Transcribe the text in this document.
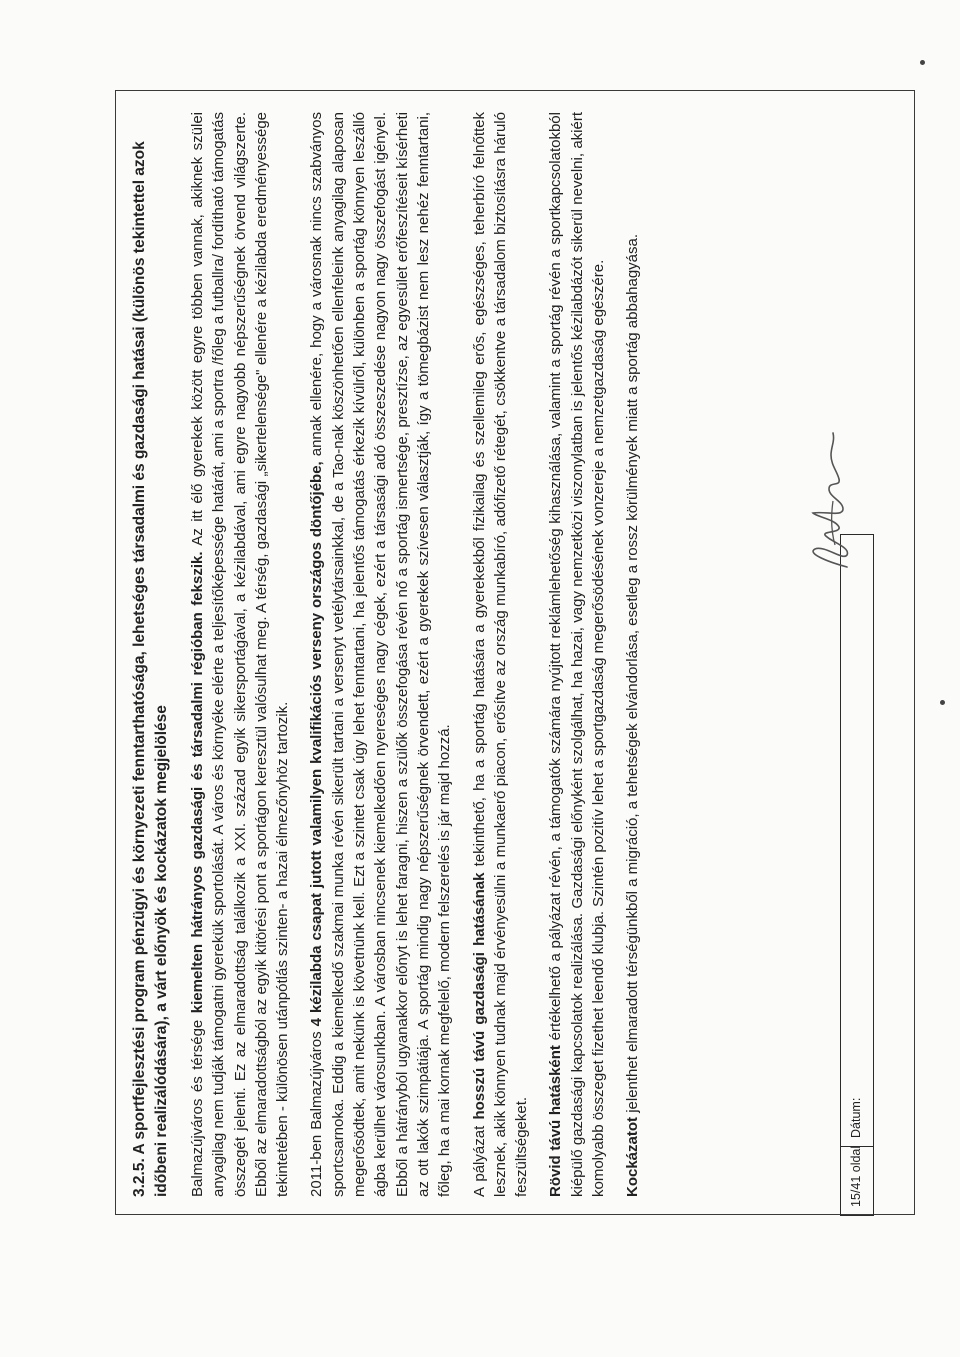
3.2.5. A sportfejlesztési program pénzügyi és környezeti fenntarthatósága, lehetséges társadalmi és gazdasági hatásai (különös tekintettel azok időbeni realizálódására), a várt előnyök és kockázatok megjelölése Balmazújváros és térsége kiemelten hátrányos gazdasági és társadalmi régióban fekszik. Az itt élő gyerekek között egyre többen vannak, akiknek szülei anyagilag nem tudják támogatni gyerekük sportolását. A város és környéke elérte a teljesítőképessége határát, ami a sportra /főleg a futballra/ fordítható támogatás összegét jelenti. Ez az elmaradottság találkozik a XXI. század egyik sikersportágával, a kézilabdával, ami egyre nagyobb népszerűségnek örvend világszerte. Ebből az elmaradottságból az egyik kitörési pont a sportágon keresztül valósulhat meg. A térség, gazdasági „sikertelensége" ellenére a kézilabda eredményessége tekintetében - különösen utánpótlás szinten- a hazai élmezőnyhöz tartozik. 2011-ben Balmazújváros 4 kézilabda csapat jutott valamilyen kvalifikációs verseny országos döntőjébe, annak ellenére, hogy a városnak nincs szabványos sportcsarnoka. Eddig a kiemelkedő szakmai munka révén sikerült tartani a versenyt vetélytársainkkal, de a Tao-nak köszönhetően ellenfeleink anyagilag alaposan megerősödtek, amit nekünk is követnünk kell. Ezt a szintet csak úgy lehet fenntartani, ha jelentős támogatás érkezik kívülről, különben a sportág könnyen leszálló ágba kerülhet városunkban. A városban nincsenek kiemelkedően nyereséges nagy cégek, ezért a társasági adó összeszedése nagyon nagy összefogást igényel. Ebből a hátrányból ugyanakkor előnyt is lehet faragni, hiszen a szülők összefogása révén nő a sportág ismertsége, presztízse, az egyesület erőfeszítéseit kísérheti az ott lakók szimpátiája. A sportág mindig nagy népszerűségnek örvendett, ezért a gyerekek szívesen választják, így a tömegbázist nem lesz nehéz fenntartani, főleg, ha a mai kornak megfelelő, modern felszerelés is jár majd hozzá. A pályázat hosszú távú gazdasági hatásának tekinthető, ha a sportág hatására a gyerekekből fizikailag és szellemileg erős, egészséges, teherbíró felnőttek lesznek, akik könnyen tudnak majd érvényesülni a munkaerő piacon, erősítve az ország munkabíró, adófizető rétegét, csökkentve a társadalom biztosításra háruló feszültségeket. Rövid távú hatásként értékelhető a pályázat révén, a támogatók számára nyújtott reklámlehetőség kihasználása, valamint a sportág révén a sportkapcsolatokból kiépülő gazdasági kapcsolatok realizálása. Gazdasági előnyként szolgálhat, ha hazai, vagy nemzetközi viszonylatban is jelentős kézilabdázót sikerül nevelni, akiért komolyabb összeget fizethet leendő klubja. Szintén pozitív lehet a sportgazdaság megerősödésének vonzereje a nemzetgazdaság egészére. Kockázatot jelenthet elmaradott térségünkből a migráció, a tehetségek elvándorlása, esetleg a rossz körülmények miatt a sportág abbahagyása.

15/41 oldal
Dátum:
